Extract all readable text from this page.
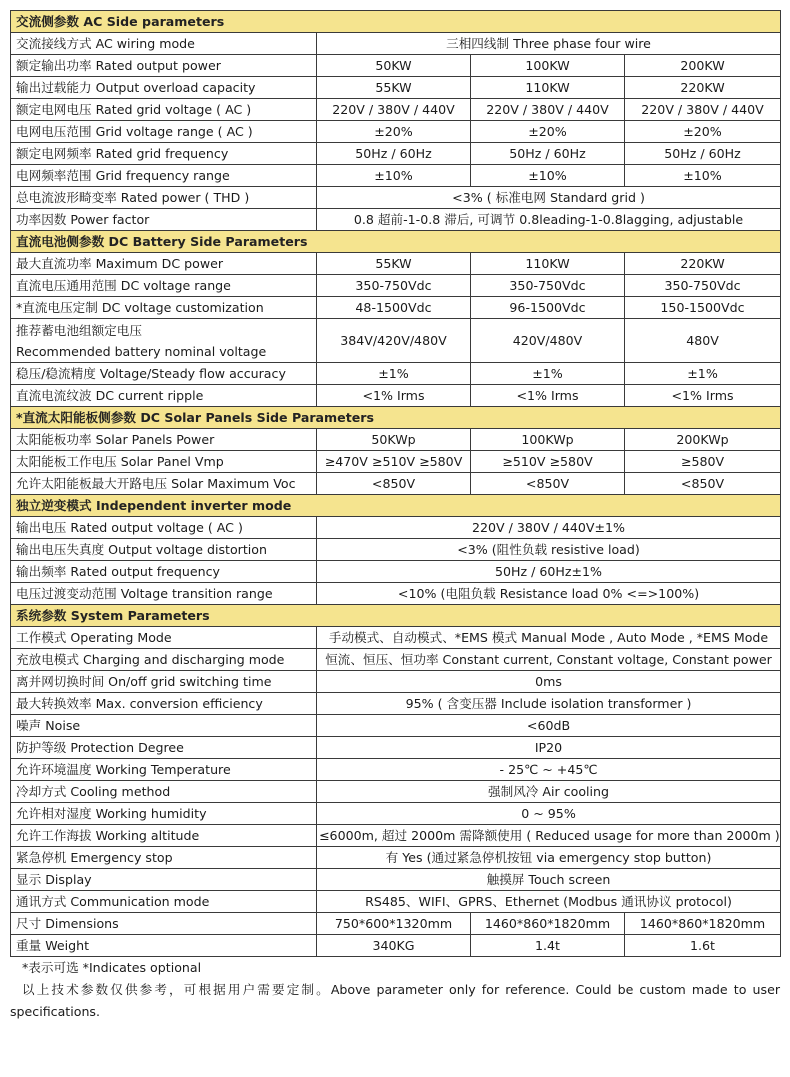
交流侧参数 AC Side parameters			
交流接线方式 AC wiring mode	三相四线制 Three phase four wire		
额定输出功率 Rated output power	50KW	100KW	200KW
输出过载能力 Output overload capacity	55KW	110KW	220KW
额定电网电压 Rated grid voltage ( AC )	220V / 380V / 440V	220V / 380V / 440V	220V / 380V / 440V
电网电压范围 Grid voltage range ( AC )	±20%	±20%	±20%
额定电网频率 Rated grid frequency	50Hz / 60Hz	50Hz / 60Hz	50Hz / 60Hz
电网频率范围 Grid frequency range	±10%	±10%	±10%
总电流波形畸变率 Rated power ( THD )	<3% ( 标准电网 Standard grid )		
功率因数 Power factor	0.8 超前-1-0.8 滞后, 可调节 0.8leading-1-0.8lagging, adjustable		
直流电池侧参数 DC Battery Side Parameters			
最大直流功率 Maximum DC power	55KW	110KW	220KW
直流电压通用范围 DC voltage range	350-750Vdc	350-750Vdc	350-750Vdc
*直流电压定制 DC voltage customization	48-1500Vdc	96-1500Vdc	150-1500Vdc

推荐蓄电池组额定电压
Recommended battery nominal voltage	384V/420V/480V	420V/480V	480V
稳压/稳流精度 Voltage/Steady flow accuracy	±1%	±1%	±1%
直流电流纹波 DC current ripple	<1% Irms	<1% Irms	<1% Irms
*直流太阳能板侧参数 DC Solar Panels Side Parameters			
太阳能板功率 Solar Panels Power	50KWp	100KWp	200KWp
太阳能板工作电压 Solar Panel Vmp	≥470V ≥510V ≥580V	≥510V ≥580V	≥580V
允许太阳能板最大开路电压 Solar Maximum Voc	<850V	<850V	<850V
独立逆变模式 Independent inverter mode			
输出电压 Rated output voltage ( AC )	220V / 380V / 440V±1%		
输出电压失真度 Output voltage distortion	<3% (阻性负载 resistive load)		
输出频率 Rated output frequency	50Hz / 60Hz±1%		
电压过渡变动范围 Voltage transition range	<10% (电阻负载 Resistance load 0% <=>100%)		
系统参数 System Parameters			
工作模式 Operating Mode	手动模式、自动模式、*EMS 模式 Manual Mode , Auto Mode , *EMS Mode		
充放电模式 Charging and discharging mode	恒流、恒压、恒功率 Constant current, Constant voltage, Constant power		
离并网切换时间 On/off grid switching time	0ms		
最大转换效率 Max. conversion efficiency	95% ( 含变压器 Include isolation transformer )		
噪声 Noise	<60dB		
防护等级 Protection Degree	IP20		
允许环境温度 Working Temperature	- 25℃ ~ +45℃		
冷却方式 Cooling method	强制风冷 Air cooling		
允许相对湿度 Working humidity	0 ~ 95%		
允许工作海拔 Working altitude	≤6000m, 超过 2000m 需降额使用 ( Reduced usage for more than 2000m )		
紧急停机 Emergency stop	有 Yes (通过紧急停机按钮 via emergency stop button)		
显示 Display	触摸屏 Touch screen		
通讯方式 Communication mode	RS485、WIFI、GPRS、Ethernet (Modbus 通讯协议 protocol)		
尺寸 Dimensions	750*600*1320mm	1460*860*1820mm	1460*860*1820mm
重量 Weight	340KG	1.4t	1.6t
*表示可选 *Indicates optional
以上技术参数仅供参考，可根据用户需要定制。Above parameter only for reference. Could be custom made to user specifications.
